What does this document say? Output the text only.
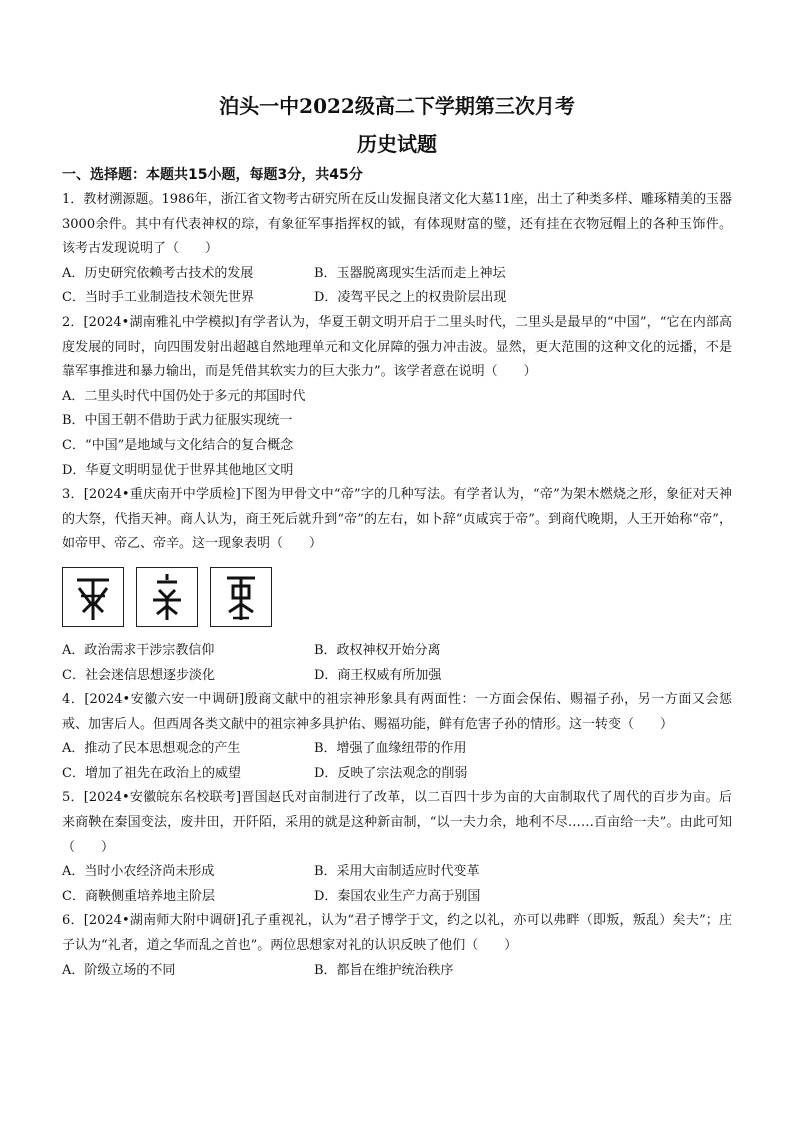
泊头一中2022级高二下学期第三次月考
历史试题
一、选择题：本题共15小题，每题3分，共45分

1．教材溯源题。1986年，浙江省文物考古研究所在反山发掘良渚文化大墓11座，出土了种类多样、雕琢精美的玉器3000余件。其中有代表神权的琮，有象征军事指挥权的钺，有体现财富的璧，还有挂在衣物冠帽上的各种玉饰件。该考古发现说明了（　　）

A．历史研究依赖考古技术的发展	B．玉器脱离现实生活而走上神坛
C．当时手工业制造技术领先世界	D．凌驾平民之上的权贵阶层出现

2．[2024•湖南雅礼中学模拟]有学者认为，华夏王朝文明开启于二里头时代，二里头是最早的“中国”，“它在内部高度发展的同时，向四围发射出超越自然地理单元和文化屏障的强力冲击波。显然，更大范围的这种文化的远播，不是靠军事推进和暴力输出，而是凭借其软实力的巨大张力”。该学者意在说明（　　）

A．二里头时代中国仍处于多元的邦国时代
B．中国王朝不借助于武力征服实现统一
C．“中国”是地域与文化结合的复合概念
D．华夏文明明显优于世界其他地区文明

3．[2024•重庆南开中学质检]下图为甲骨文中“帝”字的几种写法。有学者认为，“帝”为架木燃烧之形，象征对天神的大祭，代指天神。商人认为，商王死后就升到“帝”的左右，如卜辞“贞咸宾于帝”。到商代晚期，人王开始称“帝”，如帝甲、帝乙、帝辛。这一现象表明（　　）

A．政治需求干涉宗教信仰	B．政权神权开始分离
C．社会迷信思想逐步淡化	D．商王权威有所加强

4．[2024•安徽六安一中调研]殷商文献中的祖宗神形象具有两面性：一方面会保佑、赐福子孙，另一方面又会惩戒、加害后人。但西周各类文献中的祖宗神多具护佑、赐福功能，鲜有危害子孙的情形。这一转变（　　）

A．推动了民本思想观念的产生	B．增强了血缘纽带的作用
C．增加了祖先在政治上的威望	D．反映了宗法观念的削弱

5．[2024•安徽皖东名校联考]晋国赵氏对亩制进行了改革，以二百四十步为亩的大亩制取代了周代的百步为亩。后来商鞅在秦国变法，废井田，开阡陌，采用的就是这种新亩制，“以一夫力余，地利不尽……百亩给一夫”。由此可知（　　）

A．当时小农经济尚未形成	B．采用大亩制适应时代变革
C．商鞅侧重培养地主阶层	D．秦国农业生产力高于别国

6．[2024•湖南师大附中调研]孔子重视礼，认为“君子博学于文，约之以礼，亦可以弗畔（即叛，叛乱）矣夫”；庄子认为“礼者，道之华而乱之首也”。两位思想家对礼的认识反映了他们（　　）

A．阶级立场的不同	B．都旨在维护统治秩序
